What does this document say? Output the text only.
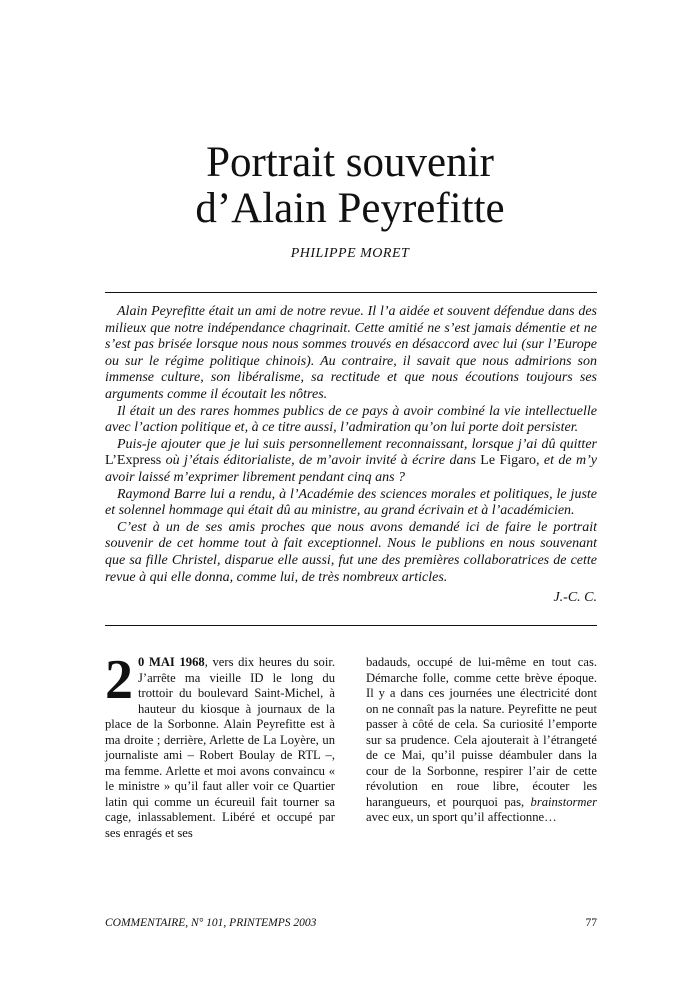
Portrait souvenir
d’Alain Peyrefitte
PHILIPPE MORET

Alain Peyrefitte était un ami de notre revue. Il l’a aidée et souvent défendue dans des milieux que notre indépendance chagrinait. Cette amitié ne s’est jamais démentie et ne s’est pas brisée lorsque nous nous sommes trouvés en désaccord avec lui (sur l’Europe ou sur le régime politique chinois). Au contraire, il savait que nous admirions son immense culture, son libéralisme, sa rectitude et que nous écoutions toujours ses arguments comme il écoutait les nôtres.

Il était un des rares hommes publics de ce pays à avoir combiné la vie intellectuelle avec l’action politique et, à ce titre aussi, l’admiration qu’on lui porte doit persister.

Puis-je ajouter que je lui suis personnellement reconnaissant, lorsque j’ai dû quitter L’Express où j’étais éditorialiste, de m’avoir invité à écrire dans Le Figaro, et de m’y avoir laissé m’exprimer librement pendant cinq ans ?

Raymond Barre lui a rendu, à l’Académie des sciences morales et politiques, le juste et solennel hommage qui était dû au ministre, au grand écrivain et à l’académicien.

C’est à un de ses amis proches que nous avons demandé ici de faire le portrait souvenir de cet homme tout à fait exceptionnel. Nous le publions en nous souvenant que sa fille Christel, disparue elle aussi, fut une des premières collaboratrices de cette revue à qui elle donna, comme lui, de très nombreux articles.

J.-C. C.

2 0 MAI 1968, vers dix heures du soir. J’arrête ma vieille ID le long du trottoir du boulevard Saint-Michel, à hauteur du kiosque à journaux de la place de la Sorbonne. Alain Peyrefitte est à ma droite ; derrière, Arlette de La Loyère, un journaliste ami – Robert Boulay de RTL –, ma femme. Arlette et moi avons convaincu « le ministre » qu’il faut aller voir ce Quartier latin qui comme un écureuil fait tourner sa cage, inlassablement. Libéré et occupé par ses enragés et ses

badauds, occupé de lui-même en tout cas. Démarche folle, comme cette brève époque. Il y a dans ces journées une électricité dont on ne connaît pas la nature. Peyrefitte ne peut passer à côté de cela. Sa curiosité l’emporte sur sa prudence. Cela ajouterait à l’étrangeté de ce Mai, qu’il puisse déambuler dans la cour de la Sorbonne, respirer l’air de cette révolution en roue libre, écouter les harangueurs, et pourquoi pas, brainstormer avec eux, un sport qu’il affectionne…

COMMENTAIRE, N° 101, PRINTEMPS 2003	77
